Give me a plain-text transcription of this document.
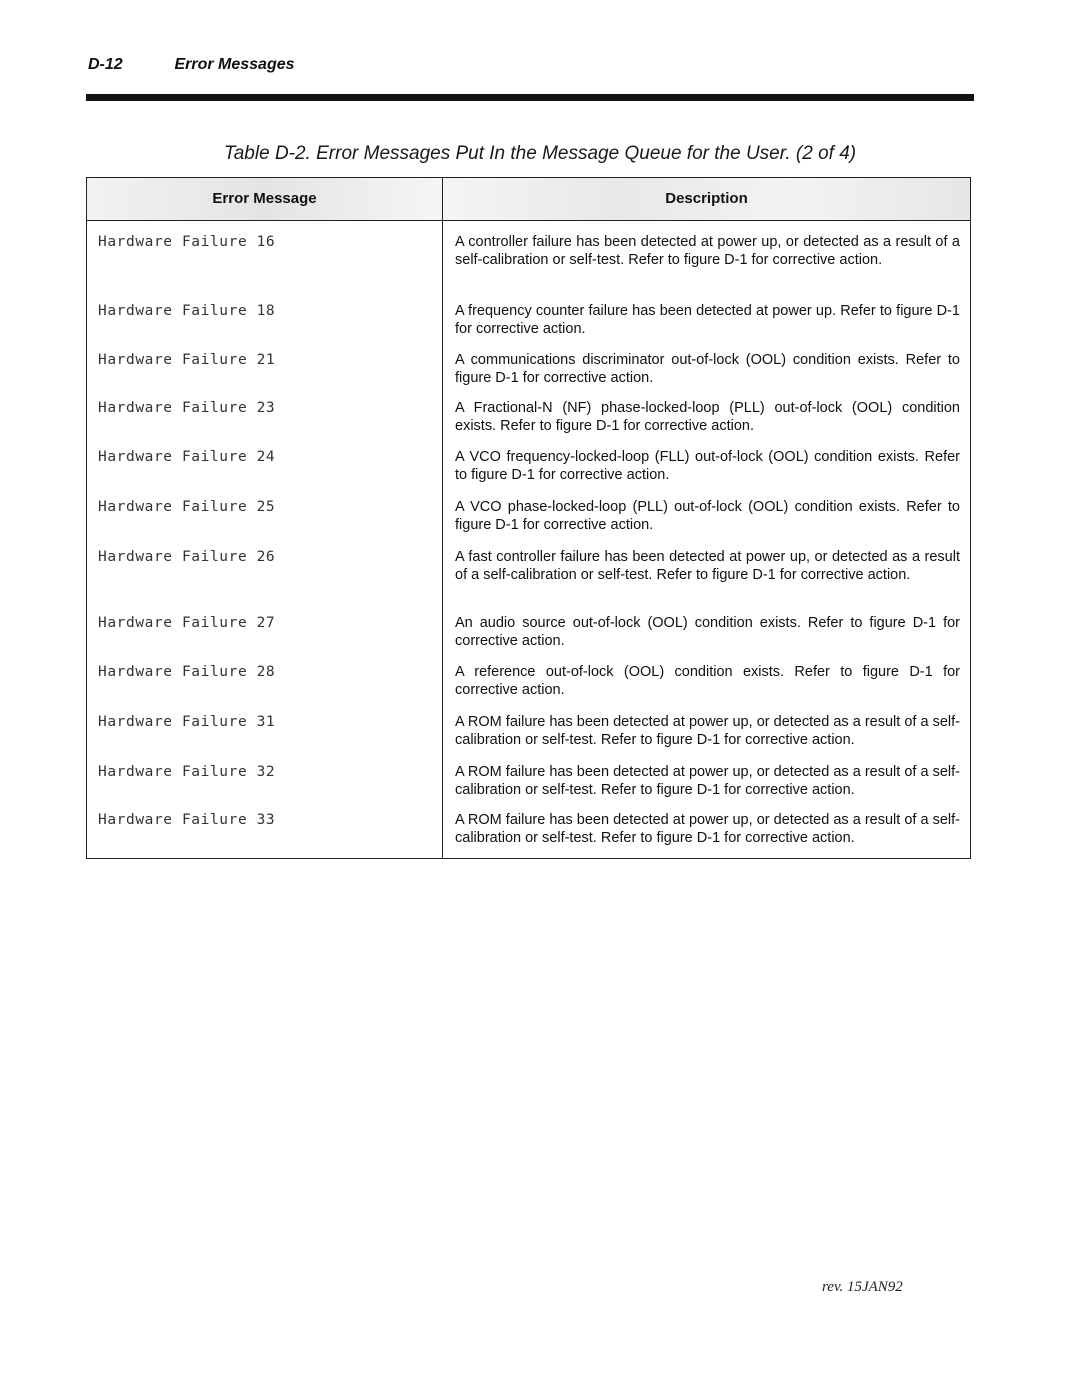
D-12	Error Messages
Table D-2. Error Messages Put In the Message Queue for the User. (2 of 4)
Error Message	Description
Hardware Failure 16	A controller failure has been detected at power up, or detected as a result of a self-calibration or self-test. Refer to figure D-1 for corrective action.
Hardware Failure 18	A frequency counter failure has been detected at power up. Refer to figure D-1 for corrective action.
Hardware Failure 21	A communications discriminator out-of-lock (OOL) condition exists. Refer to figure D-1 for corrective action.
Hardware Failure 23	A Fractional-N (NF) phase-locked-loop (PLL) out-of-lock (OOL) condition exists. Refer to figure D-1 for corrective action.
Hardware Failure 24	A VCO frequency-locked-loop (FLL) out-of-lock (OOL) condition exists. Refer to figure D-1 for corrective action.
Hardware Failure 25	A VCO phase-locked-loop (PLL) out-of-lock (OOL) condition exists. Refer to figure D-1 for corrective action.
Hardware Failure 26	A fast controller failure has been detected at power up, or detected as a result of a self-calibration or self-test. Refer to figure D-1 for corrective action.
Hardware Failure 27	An audio source out-of-lock (OOL) condition exists. Refer to figure D-1 for corrective action.
Hardware Failure 28	A reference out-of-lock (OOL) condition exists. Refer to figure D-1 for corrective action.
Hardware Failure 31	A ROM failure has been detected at power up, or detected as a result of a self-calibration or self-test. Refer to figure D-1 for corrective action.
Hardware Failure 32	A ROM failure has been detected at power up, or detected as a result of a self-calibration or self-test. Refer to figure D-1 for corrective action.
Hardware Failure 33	A ROM failure has been detected at power up, or detected as a result of a self-calibration or self-test. Refer to figure D-1 for corrective action.
rev. 15JAN92
